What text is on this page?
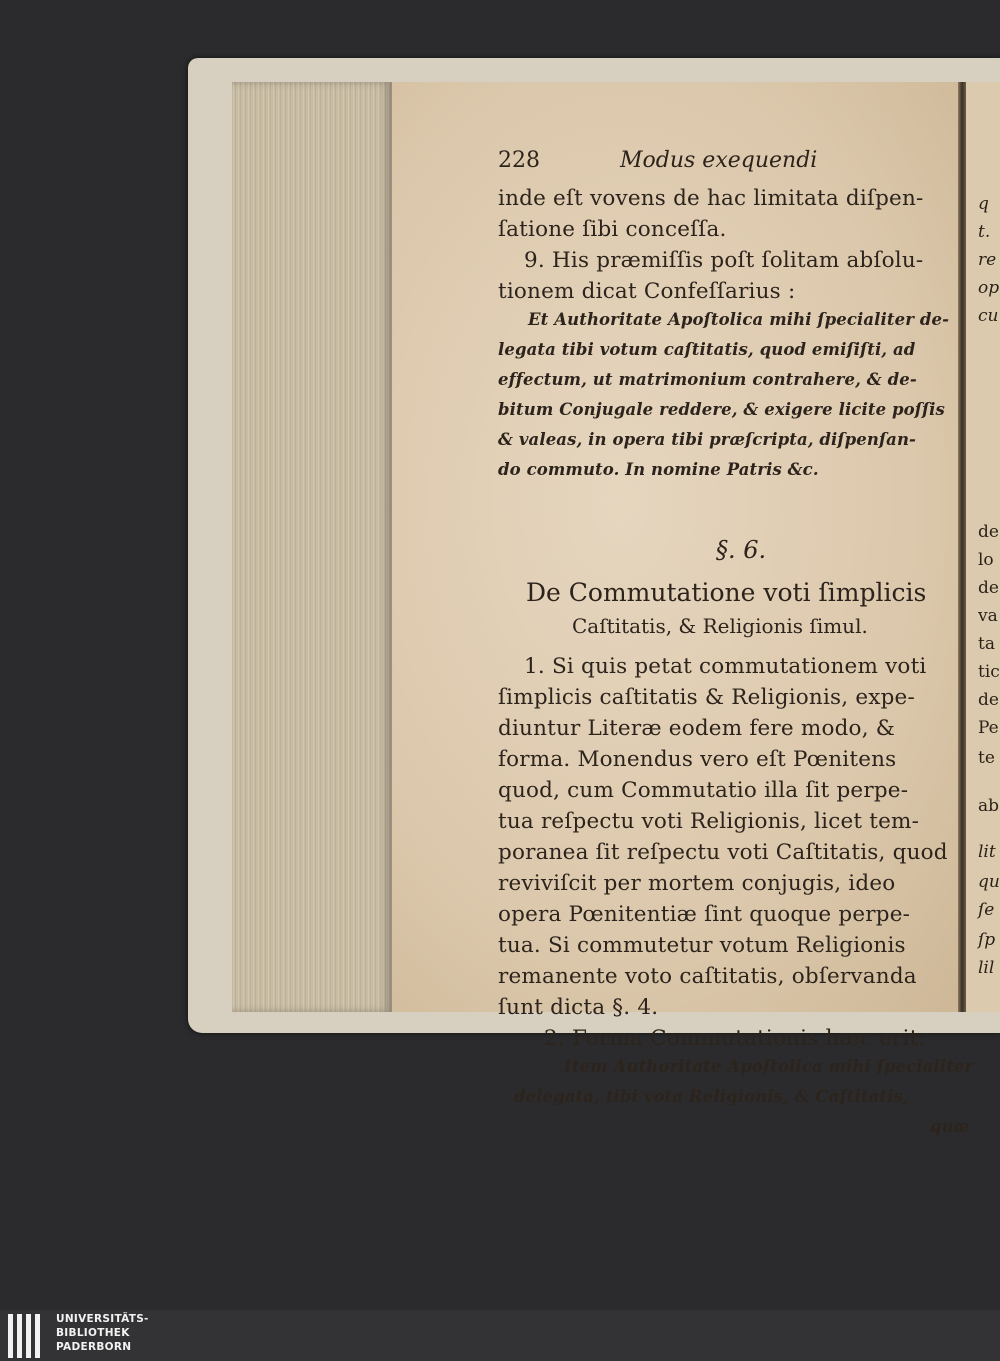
q
t.
re
op
cu
de
lo
de
va
ta
tic
de
Pe
te
ab
lit
qu
ſe
ſp
lil
228	Modus exequendi
inde eſt vovens de hac limitata diſpen-
ſatione ſibi conceſſa.
9. His præmiſſis poſt ſolitam abſolu-
tionem dicat Confeſſarius :
Et Authoritate Apoſtolica mihi ſpecialiter de-
legata tibi votum caſtitatis, quod emiſiſti, ad
effectum, ut matrimonium contrahere, & de-
bitum Conjugale reddere, & exigere licite poſſis
& valeas, in opera tibi præſcripta, diſpenſan-
do commuto. In nomine Patris &c.
§. 6.
De Commutatione voti ſimplicis
Caſtitatis, & Religionis ſimul.
1. Si quis petat commutationem voti
ſimplicis caſtitatis & Religionis, expe-
diuntur Literæ eodem fere modo, &
forma. Monendus vero eſt Pœnitens
quod, cum Commutatio illa ſit perpe-
tua reſpectu voti Religionis, licet tem-
poranea ſit reſpectu voti Caſtitatis, quod
reviviſcit per mortem conjugis, ideo
opera Pœnitentiæ ſint quoque perpe-
tua. Si commutetur votum Religionis
remanente voto caſtitatis, obſervanda
ſunt dicta §. 4.
2. Forma Commutationis hæc erit:
Item Authoritate Apoſtolica mihi ſpecialiter
delegata, tibi vota Religionis, & Caſtitatis,
quæ
UNIVERSITÄTS-
BIBLIOTHEK
PADERBORN
